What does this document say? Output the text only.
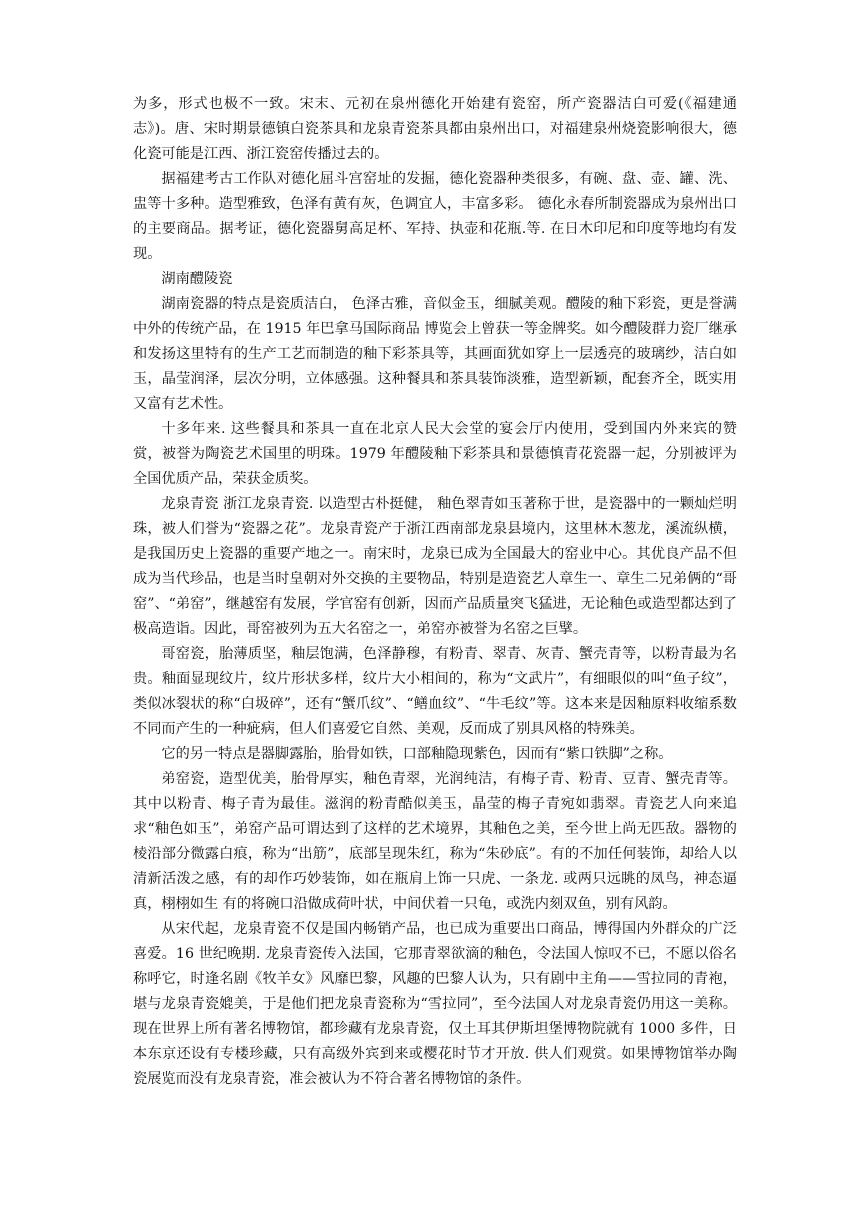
为多，形式也极不一致。宋末、元初在泉州德化开始建有瓷窑，所产瓷器洁白可爱(《福建通志》)。唐、宋时期景德镇白瓷茶具和龙泉青瓷茶具都由泉州出口，对福建泉州烧瓷影响很大，德化瓷可能是江西、浙江瓷窑传播过去的。

据福建考古工作队对德化屈斗宫窑址的发掘，德化瓷器种类很多，有碗、盘、壶、罐、洗、盅等十多种。造型雅致，色泽有黄有灰，色调宜人，丰富多彩。 德化永春所制瓷器成为泉州出口的主要商品。据考证，德化瓷器舅高足杯、军持、执壶和花瓶.等. 在日木印尼和印度等地均有发现。

湖南醴陵瓷

湖南瓷器的特点是瓷质洁白， 色泽古雅，音似金玉，细腻美观。醴陵的釉下彩瓷，更是誉满中外的传统产品，在 1915 年巴拿马国际商品 博览会上曾获一等金牌奖。如今醴陵群力瓷厂继承和发扬这里特有的生产工艺而制造的釉下彩茶具等，其画面犹如穿上一层透亮的玻璃纱，洁白如玉，晶莹润泽，层次分明，立体感强。这种餐具和茶具装饰淡雅，造型新颖，配套齐全，既实用又富有艺术性。

十多年来. 这些餐具和茶具一直在北京人民大会堂的宴会厅内使用，受到国内外来宾的赞赏，被誉为陶瓷艺术国里的明珠。1979 年醴陵釉下彩茶具和景德慎青花瓷器一起，分别被评为全国优质产品，荣获金质奖。

龙泉青瓷 浙江龙泉青瓷. 以造型古朴挺健， 釉色翠青如玉著称于世，是瓷器中的一颗灿烂明珠，被人们誉为“瓷器之花”。龙泉青瓷产于浙江西南部龙泉县境内，这里林木葱龙，溪流纵横，是我国历史上瓷器的重要产地之一。南宋时，龙泉已成为全国最大的窑业中心。其优良产品不但成为当代珍品，也是当时皇朝对外交换的主要物品，特别是造瓷艺人章生一、章生二兄弟俩的“哥窑”、“弟窑”，继越窑有发展，学官窑有创新，因而产品质量突飞猛进，无论釉色或造型都达到了极高造诣。因此，哥窑被列为五大名窑之一，弟窑亦被誉为名窑之巨擘。

哥窑瓷，胎薄质坚，釉层饱满，色泽静穆，有粉青、翠青、灰青、蟹壳青等，以粉青最为名贵。釉面显现纹片，纹片形状多样，纹片大小相间的，称为“文武片”，有细眼似的叫“鱼子纹”，类似冰裂状的称“白圾碎”，还有“蟹爪纹”、“鳝血纹”、“牛毛纹”等。这本来是因釉原料收缩系数不同而产生的一种疵病，但人们喜爱它自然、美观，反而成了别具风格的特殊美。

它的另一特点是器脚露胎，胎骨如铁，口部釉隐现紫色，因而有“紫口铁脚”之称。

弟窑瓷，造型优美，胎骨厚实，釉色青翠，光润纯洁，有梅子青、粉青、豆青、蟹壳青等。其中以粉青、梅子青为最佳。滋润的粉青酷似美玉，晶莹的梅子青宛如翡翠。青瓷艺人向来追求“釉色如玉”，弟窑产品可谓达到了这样的艺术境界，其釉色之美，至今世上尚无匹敌。器物的棱沿部分微露白痕，称为“出筋”，底部呈现朱红，称为“朱砂底”。有的不加任何装饰，却给人以清新活泼之感，有的却作巧妙装饰，如在瓶肩上饰一只虎、一条龙. 或两只远眺的凤鸟，神态逼真，栩栩如生 有的将碗口沿做成荷叶状，中间伏着一只龟，或洗内刻双鱼，别有风韵。

从宋代起，龙泉青瓷不仅是国内畅销产品，也已成为重要出口商品，博得国内外群众的广泛喜爱。16 世纪晚期. 龙泉青瓷传入法国，它那青翠欲滴的釉色，令法国人惊叹不已，不愿以俗名称呼它，时逢名剧《牧羊女》风靡巴黎，风趣的巴黎人认为，只有剧中主角——雪拉同的青袍，堪与龙泉青瓷媲美，于是他们把龙泉青瓷称为“雪拉同”，至今法国人对龙泉青瓷仍用这一美称。现在世界上所有著名博物馆，都珍藏有龙泉青瓷，仅土耳其伊斯坦堡博物院就有 1000 多件，日本东京还设有专楼珍藏，只有高级外宾到来或樱花时节才开放. 供人们观赏。如果博物馆举办陶瓷展览而没有龙泉青瓷，准会被认为不符合著名博物馆的条件。
